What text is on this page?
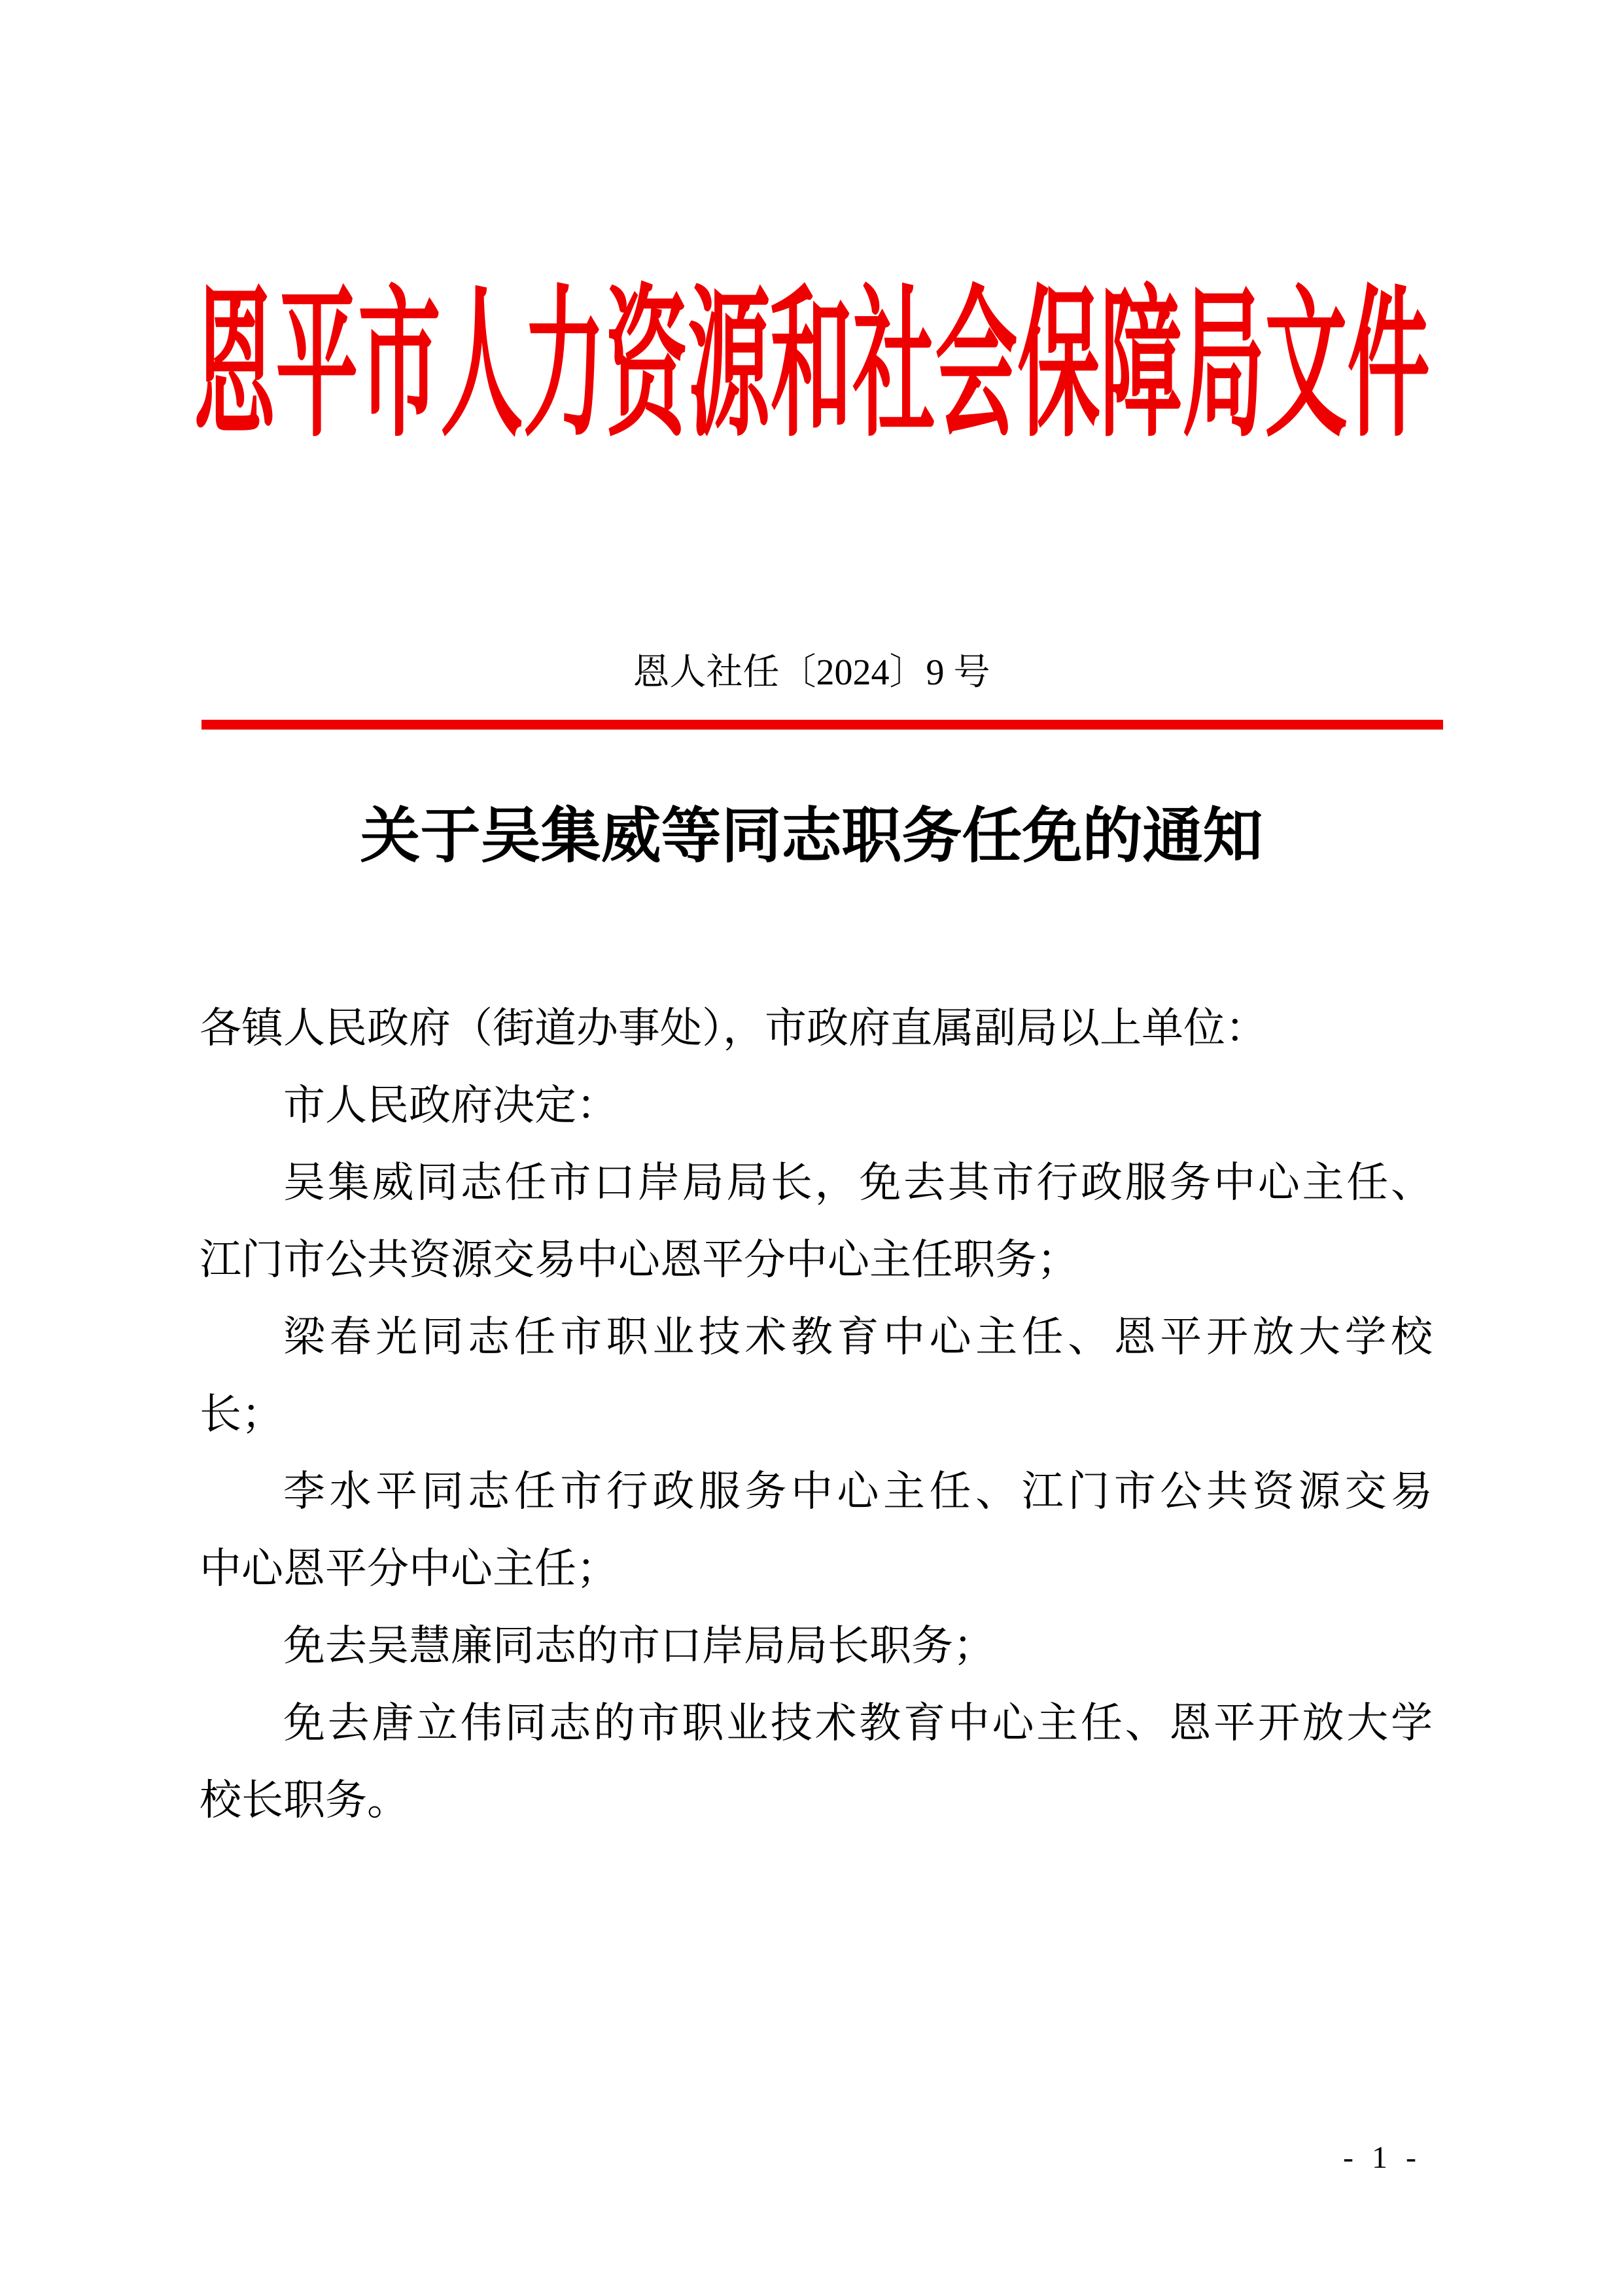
恩平市人力资源和社会保障局文件
恩人社任〔2024〕9 号
关于吴集威等同志职务任免的通知
各镇人民政府（街道办事处），市政府直属副局以上单位：
市人民政府决定：
吴集威同志任市口岸局局长，免去其市行政服务中心主任、
江门市公共资源交易中心恩平分中心主任职务；
梁春光同志任市职业技术教育中心主任、恩平开放大学校
长；
李水平同志任市行政服务中心主任、江门市公共资源交易
中心恩平分中心主任；
免去吴慧廉同志的市口岸局局长职务；
免去唐立伟同志的市职业技术教育中心主任、恩平开放大学
校长职务。
- 1 -
